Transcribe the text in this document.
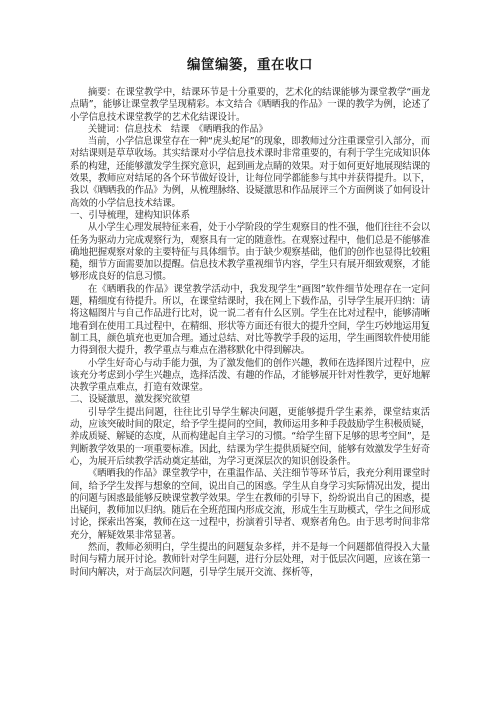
编筐编篓，重在收口

摘要：在课堂教学中，结课环节是十分重要的，艺术化的结课能够为课堂教学“画龙点睛”，能够让课堂教学呈现精彩。本文结合《晒晒我的作品》一课的教学为例，论述了小学信息技术课堂教学的艺术化结课设计。

关键词：信息技术　结课　《晒晒我的作品》

当前，小学信息课堂存在一种“虎头蛇尾”的现象，即教师过分注重课堂引入部分，而对结课则是草草收场。其实结课对小学信息技术课时非常重要的，有利于学生完成知识体系的构建，还能够激发学生探究意识，起到画龙点睛的效果。对于如何更好地展现结课的效果，教师应对结尾的各个环节做好设计，让每位同学都能参与其中并获得提升。以下，我以《晒晒我的作品》为例，从梳理脉络、设疑激思和作品展评三个方面例谈了如何设计高效的小学信息技术结课。

一、引导梳理，建构知识体系

从小学生心理发展特征来看，处于小学阶段的学生观察目的性不强，他们往往不会以任务为驱动力完成观察行为，观察具有一定的随意性。在观察过程中，他们总是不能够准确地把握观察对象的主要特征与具体细节。由于缺少观察基础，他们的创作也显得比较粗糙，细节方面需要加以提醒。信息技术教学重视细节内容，学生只有展开细致观察，才能够形成良好的信息习惯。

在《晒晒我的作品》课堂教学活动中，我发现学生“画图”软件细节处理存在一定问题，精细度有待提升。所以，在课堂结课时，我在网上下载作品，引导学生展开归纳：请将这幅图片与自己作品进行比对，说一说二者有什么区别。学生在比对过程中，能够清晰地看到在使用工具过程中，在精细、形状等方面还有很大的提升空间，学生巧妙地运用复制工具，颜色填充也更加合理。通过总结、对比等教学手段的运用，学生画图软件使用能力得到很大提升，教学重点与难点在潜移默化中得到解决。

小学生好奇心与动手能力强，为了激发他们的创作兴趣，教师在选择图片过程中，应该充分考虑到小学生兴趣点，选择活泼、有趣的作品，才能够展开针对性教学，更好地解决教学重点难点，打造有效课堂。

二、设疑激思，激发探究欲望

引导学生提出问题，往往比引导学生解决问题，更能够提升学生素养，课堂结束活动，应该突破时间的限定，给予学生提问的空间，教师运用多种手段鼓励学生积极质疑，养成质疑、解疑的态度，从而构建起自主学习的习惯。“给学生留下足够的思考空间”，是判断教学效果的一项重要标准。因此，结课为学生提供质疑空间，能够有效激发学生好奇心，为展开后续教学活动奠定基础，为学习更深层次的知识创设条件。

《晒晒我的作品》课堂教学中，在重温作品、关注细节等环节后，我充分利用课堂时间，给予学生发挥与想象的空间，说出自己的困惑。学生从自身学习实际情况出发，提出的问题与困惑最能够反映课堂教学效果。学生在教师的引导下，纷纷说出自己的困惑，提出疑问，教师加以归纳。随后在全班范围内形成交流，形成生生互助模式，学生之间形成讨论，探索出答案，教师在这一过程中，扮演着引导者、观察者角色。由于思考时间非常充分，解疑效果非常显著。

然而，教师必须明白，学生提出的问题复杂多样，并不是每一个问题都值得投入大量时间与精力展开讨论。教师针对学生问题，进行分层处理，对于低层次问题，应该在第一时间内解决，对于高层次问题，引导学生展开交流、探析等，
